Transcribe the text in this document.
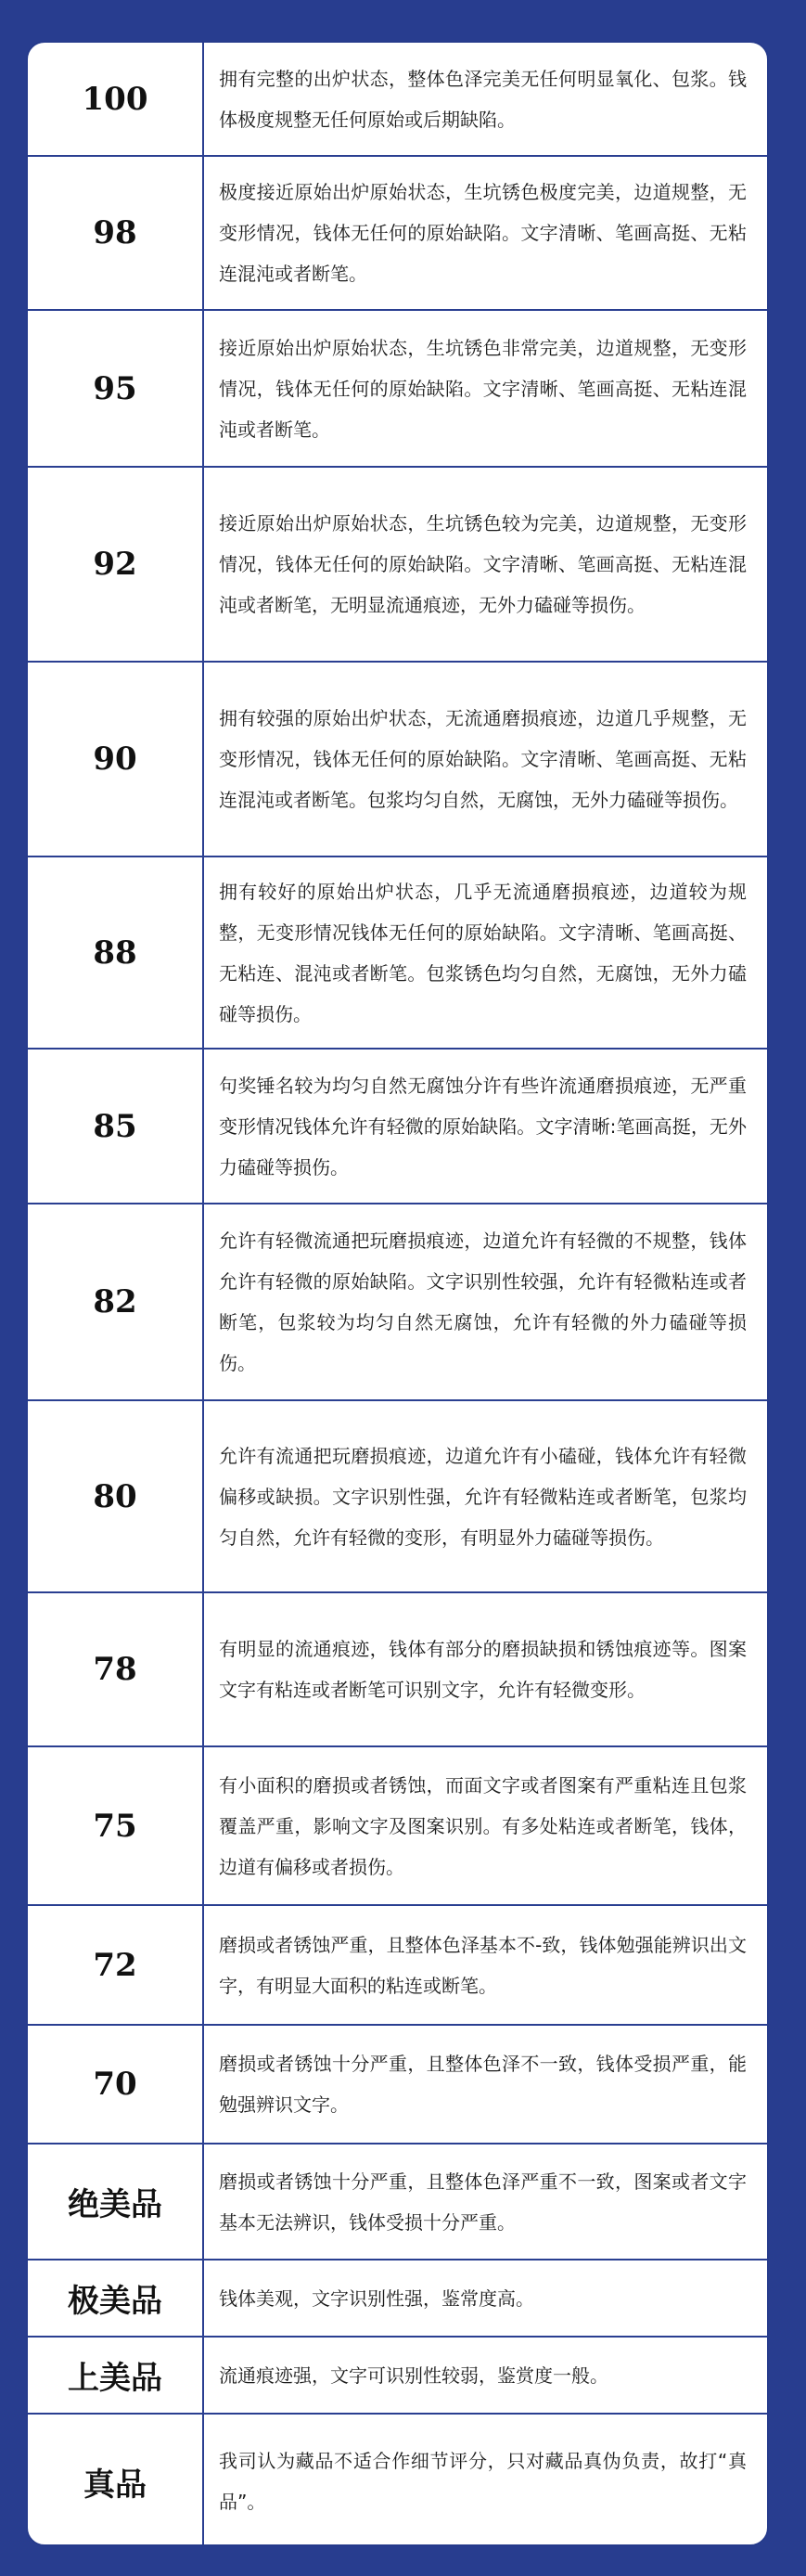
100	拥有完整的出炉状态，整体色泽完美无任何明显氧化、包浆。钱体极度规整无任何原始或后期缺陷。
98	极度接近原始出炉原始状态，生坑锈色极度完美，边道规整，无变形情况，钱体无任何的原始缺陷。文字清晰、笔画高挺、无粘连混沌或者断笔。
95	接近原始出炉原始状态，生坑锈色非常完美，边道规整，无变形情况，钱体无任何的原始缺陷。文字清晰、笔画高挺、无粘连混沌或者断笔。
92	接近原始出炉原始状态，生坑锈色较为完美，边道规整，无变形情况，钱体无任何的原始缺陷。文字清晰、笔画高挺、无粘连混沌或者断笔，无明显流通痕迹，无外力磕碰等损伤。
90	拥有较强的原始出炉状态，无流通磨损痕迹，边道几乎规整，无变形情况，钱体无任何的原始缺陷。文字清晰、笔画高挺、无粘连混沌或者断笔。包浆均匀自然，无腐蚀，无外力磕碰等损伤。
88	拥有较好的原始出炉状态，几乎无流通磨损痕迹，边道较为规整，无变形情况钱体无任何的原始缺陷。文字清晰、笔画高挺、无粘连、混沌或者断笔。包浆锈色均匀自然，无腐蚀，无外力磕碰等损伤。
85	句奖锤名较为均匀自然无腐蚀分许有些许流通磨损痕迹，无严重变形情况钱体允许有轻微的原始缺陷。文字清晰:笔画高挺，无外力磕碰等损伤。
82	允许有轻微流通把玩磨损痕迹，边道允许有轻微的不规整，钱体允许有轻微的原始缺陷。文字识别性较强，允许有轻微粘连或者断笔，包浆较为均匀自然无腐蚀，允许有轻微的外力磕碰等损伤。
80	允许有流通把玩磨损痕迹，边道允许有小磕碰，钱体允许有轻微偏移或缺损。文字识别性强，允许有轻微粘连或者断笔，包浆均匀自然，允许有轻微的变形，有明显外力磕碰等损伤。
78	有明显的流通痕迹，钱体有部分的磨损缺损和锈蚀痕迹等。图案文字有粘连或者断笔可识别文字，允许有轻微变形。
75	有小面积的磨损或者锈蚀，而面文字或者图案有严重粘连且包浆覆盖严重，影响文字及图案识别。有多处粘连或者断笔，钱体，边道有偏移或者损伤。
72	磨损或者锈蚀严重，且整体色泽基本不-致，钱体勉强能辨识出文字，有明显大面积的粘连或断笔。
70	磨损或者锈蚀十分严重，且整体色泽不一致，钱体受损严重，能勉强辨识文字。
绝美品	磨损或者锈蚀十分严重，且整体色泽严重不一致，图案或者文字基本无法辨识，钱体受损十分严重。
极美品	钱体美观，文字识别性强，鉴常度高。
上美品	流通痕迹强，文字可识别性较弱，鉴赏度一般。
真品	我司认为藏品不适合作细节评分，只对藏品真伪负责，故打“真品”。
